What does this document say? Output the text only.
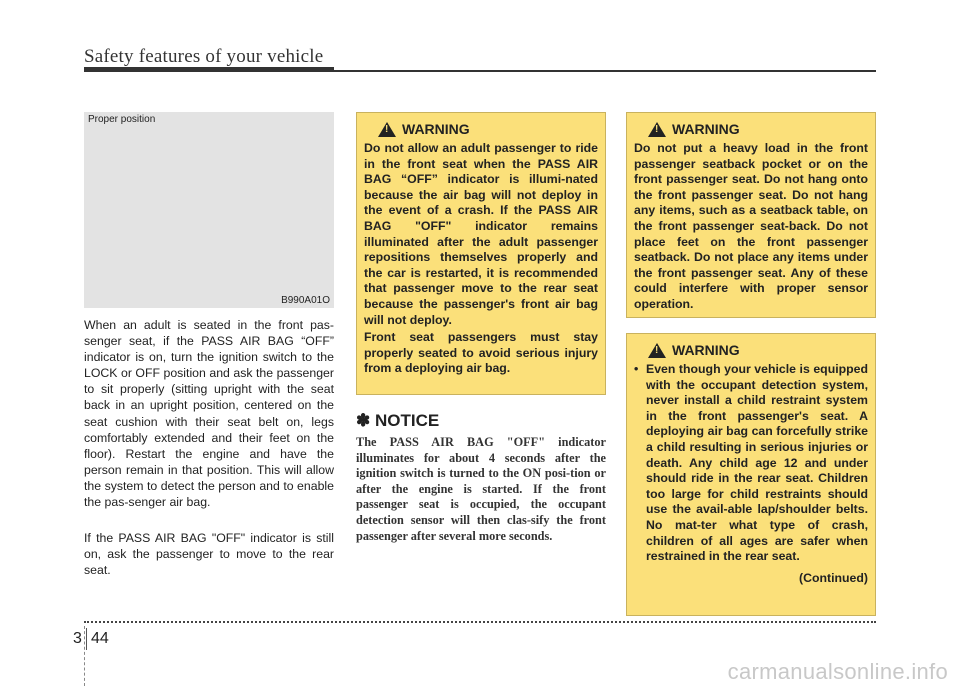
Safety features of your vehicle
Proper position
B990A01O

When an adult is seated in the front pas-senger seat, if the PASS AIR BAG “OFF” indicator is on, turn the ignition switch to the LOCK or OFF position and ask the passenger to sit properly (sitting upright with the seat back in an upright position, centered on the seat cushion with their seat belt on, legs comfortably extended and their feet on the floor). Restart the engine and have the person remain in that position. This will allow the system to detect the person and to enable the pas-senger air bag.

If the PASS AIR BAG "OFF" indicator is still on, ask the passenger to move to the rear seat.

!
WARNING
Do not allow an adult passenger to ride in the front seat when the PASS AIR BAG “OFF” indicator is illumi-nated because the air bag will not deploy in the event of a crash. If the PASS AIR BAG "OFF" indicator remains illuminated after the adult passenger repositions themselves properly and the car is restarted, it is recommended that passenger move to the rear seat because the passenger's front air bag will not deploy.
Front seat passengers must stay properly seated to avoid serious injury from a deploying air bag.
✽ NOTICE

The PASS AIR BAG "OFF" indicator illuminates for about 4 seconds after the ignition switch is turned to the ON posi-tion or after the engine is started. If the front passenger seat is occupied, the occupant detection sensor will then clas-sify the front passenger after several more seconds.

!
WARNING
Do not put a heavy load in the front passenger seatback pocket or on the front passenger seat. Do not hang onto the front passenger seat. Do not hang any items, such as a seatback table, on the front passenger seat-back. Do not place feet on the front passenger seatback. Do not place any items under the front passenger seat. Any of these could interfere with proper sensor operation.
!
WARNING
• Even though your vehicle is equipped with the occupant detection system, never install a child restraint system in the front passenger's seat. A deploying air bag can forcefully strike a child resulting in serious injuries or death. Any child age 12 and under should ride in the rear seat. Children too large for child restraints should use the avail-able lap/shoulder belts. No mat-ter what type of crash, children of all ages are safer when restrained in the rear seat.
(Continued)
3 44
carmanualsonline.info
